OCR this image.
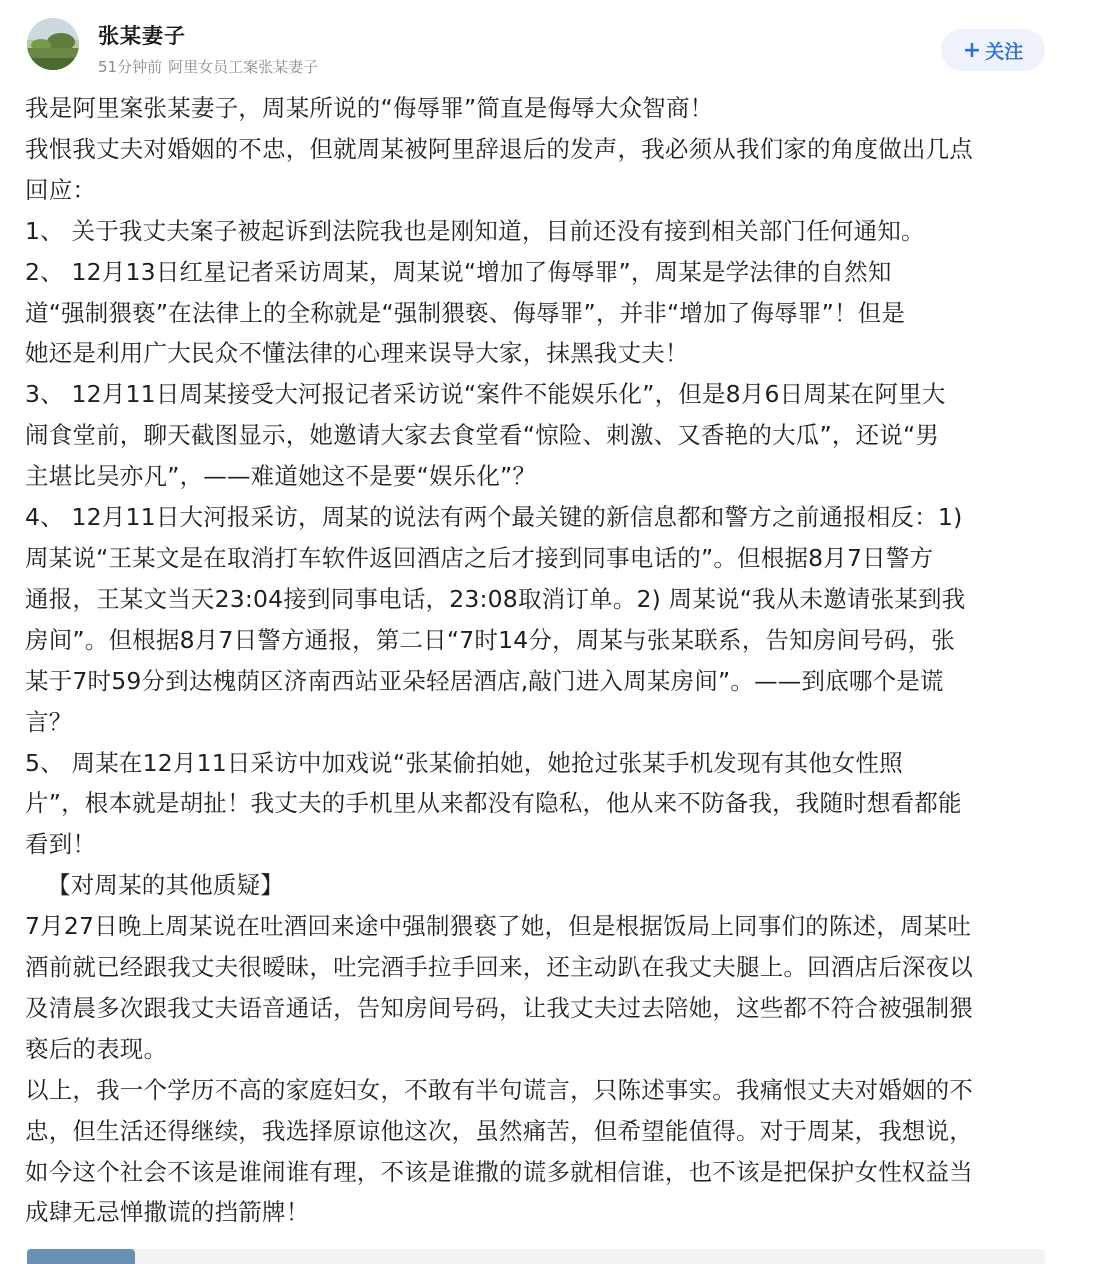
张某妻子
51分钟前 阿里女员工案张某妻子
+ 关注

我是阿里案张某妻子，周某所说的“侮辱罪”简直是侮辱大众智商！

我恨我丈夫对婚姻的不忠，但就周某被阿里辞退后的发声，我必须从我们家的角度做出几点

回应：

1、 关于我丈夫案子被起诉到法院我也是刚知道，目前还没有接到相关部门任何通知。

2、 12月13日红星记者采访周某，周某说“增加了侮辱罪”，周某是学法律的自然知

道“强制猥亵”在法律上的全称就是“强制猥亵、侮辱罪”，并非“增加了侮辱罪”！但是

她还是利用广大民众不懂法律的心理来误导大家，抹黑我丈夫！

3、 12月11日周某接受大河报记者采访说“案件不能娱乐化”，但是8月6日周某在阿里大

闹食堂前，聊天截图显示，她邀请大家去食堂看“惊险、刺激、又香艳的大瓜”，还说“男

主堪比吴亦凡”，——难道她这不是要“娱乐化”？

4、 12月11日大河报采访，周某的说法有两个最关键的新信息都和警方之前通报相反：1)

周某说“王某文是在取消打车软件返回酒店之后才接到同事电话的”。但根据8月7日警方

通报，王某文当天23:04接到同事电话，23:08取消订单。2) 周某说“我从未邀请张某到我

房间”。但根据8月7日警方通报，第二日“7时14分，周某与张某联系，告知房间号码，张

某于7时59分到达槐荫区济南西站亚朵轻居酒店,敲门进入周某房间”。——到底哪个是谎

言？

5、 周某在12月11日采访中加戏说“张某偷拍她，她抢过张某手机发现有其他女性照

片”，根本就是胡扯！我丈夫的手机里从来都没有隐私，他从来不防备我，我随时想看都能

看到！

【对周某的其他质疑】

7月27日晚上周某说在吐酒回来途中强制猥亵了她，但是根据饭局上同事们的陈述，周某吐

酒前就已经跟我丈夫很暧昧，吐完酒手拉手回来，还主动趴在我丈夫腿上。回酒店后深夜以

及清晨多次跟我丈夫语音通话，告知房间号码，让我丈夫过去陪她，这些都不符合被强制猥

亵后的表现。

以上，我一个学历不高的家庭妇女，不敢有半句谎言，只陈述事实。我痛恨丈夫对婚姻的不

忠，但生活还得继续，我选择原谅他这次，虽然痛苦，但希望能值得。对于周某，我想说，

如今这个社会不该是谁闹谁有理，不该是谁撒的谎多就相信谁，也不该是把保护女性权益当

成肆无忌惮撒谎的挡箭牌！
